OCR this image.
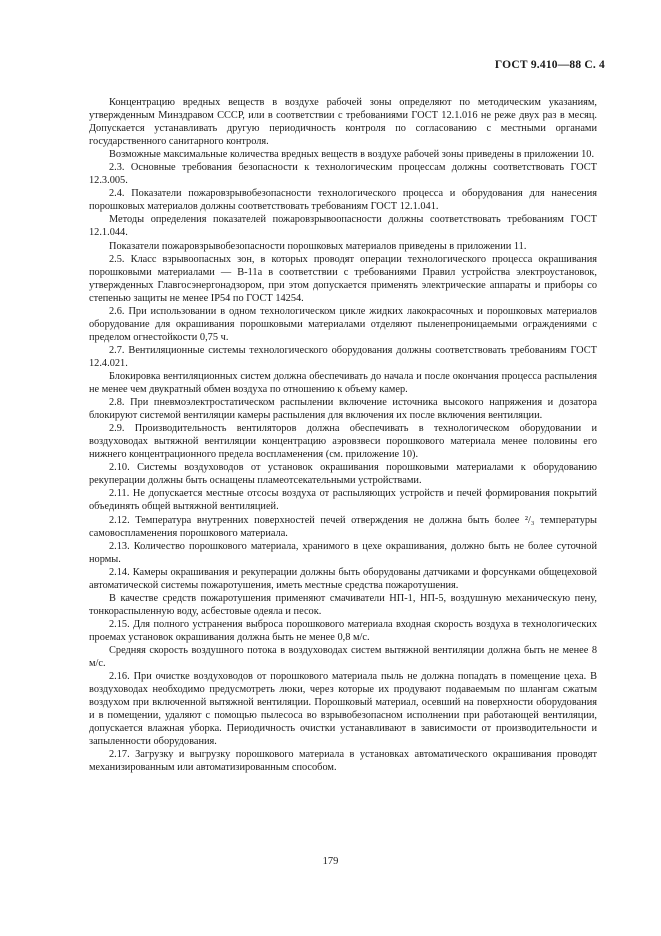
ГОСТ 9.410—88 С. 4

Концентрацию вредных веществ в воздухе рабочей зоны определяют по методическим указаниям, утвержденным Минздравом СССР, или в соответствии с требованиями ГОСТ 12.1.016 не реже двух раз в месяц. Допускается устанавливать другую периодичность контроля по согласованию с местными органами государственного санитарного контроля.

Возможные максимальные количества вредных веществ в воздухе рабочей зоны приведены в приложении 10.

2.3. Основные требования безопасности к технологическим процессам должны соответствовать ГОСТ 12.3.005.

2.4. Показатели пожаровзрывобезопасности технологического процесса и оборудования для нанесения порошковых материалов должны соответствовать требованиям ГОСТ 12.1.041.

Методы определения показателей пожаровзрывоопасности должны соответствовать требованиям ГОСТ 12.1.044.

Показатели пожаровзрывобезопасности порошковых материалов приведены в приложении 11.

2.5. Класс взрывоопасных зон, в которых проводят операции технологического процесса окрашивания порошковыми материалами — В-11а в соответствии с требованиями Правил устройства электроустановок, утвержденных Главгосэнергонадзором, при этом допускается применять электрические аппараты и приборы со степенью защиты не менее IP54 по ГОСТ 14254.

2.6. При использовании в одном технологическом цикле жидких лакокрасочных и порошковых материалов оборудование для окрашивания порошковыми материалами отделяют пыленепроницаемыми ограждениями с пределом огнестойкости 0,75 ч.

2.7. Вентиляционные системы технологического оборудования должны соответствовать требованиям ГОСТ 12.4.021.

Блокировка вентиляционных систем должна обеспечивать до начала и после окончания процесса распыления не менее чем двукратный обмен воздуха по отношению к объему камер.

2.8. При пневмоэлектростатическом распылении включение источника высокого напряжения и дозатора блокируют системой вентиляции камеры распыления для включения их после включения вентиляции.

2.9. Производительность вентиляторов должна обеспечивать в технологическом оборудовании и воздуховодах вытяжной вентиляции концентрацию аэровзвеси порошкового материала менее половины его нижнего концентрационного предела воспламенения (см. приложение 10).

2.10. Системы воздуховодов от установок окрашивания порошковыми материалами к оборудованию рекуперации должны быть оснащены пламеотсекательными устройствами.

2.11. Не допускается местные отсосы воздуха от распыляющих устройств и печей формирования покрытий объединять общей вытяжной вентиляцией.

2.12. Температура внутренних поверхностей печей отверждения не должна быть более ²/₃ температуры самовоспламенения порошкового материала.

2.13. Количество порошкового материала, хранимого в цехе окрашивания, должно быть не более суточной нормы.

2.14. Камеры окрашивания и рекуперации должны быть оборудованы датчиками и форсунками общецеховой автоматической системы пожаротушения, иметь местные средства пожаротушения.

В качестве средств пожаротушения применяют смачиватели НП-1, НП-5, воздушную механическую пену, тонкораспыленную воду, асбестовые одеяла и песок.

2.15. Для полного устранения выброса порошкового материала входная скорость воздуха в технологических проемах установок окрашивания должна быть не менее 0,8 м/с.

Средняя скорость воздушного потока в воздуховодах систем вытяжной вентиляции должна быть не менее 8 м/с.

2.16. При очистке воздуховодов от порошкового материала пыль не должна попадать в помещение цеха. В воздуховодах необходимо предусмотреть люки, через которые их продувают подаваемым по шлангам сжатым воздухом при включенной вытяжной вентиляции. Порошковый материал, осевший на поверхности оборудования и в помещении, удаляют с помощью пылесоса во взрывобезопасном исполнении при работающей вентиляции, допускается влажная уборка. Периодичность очистки устанавливают в зависимости от производительности и запыленности оборудования.

2.17. Загрузку и выгрузку порошкового материала в установках автоматического окрашивания проводят механизированным или автоматизированным способом.

179
